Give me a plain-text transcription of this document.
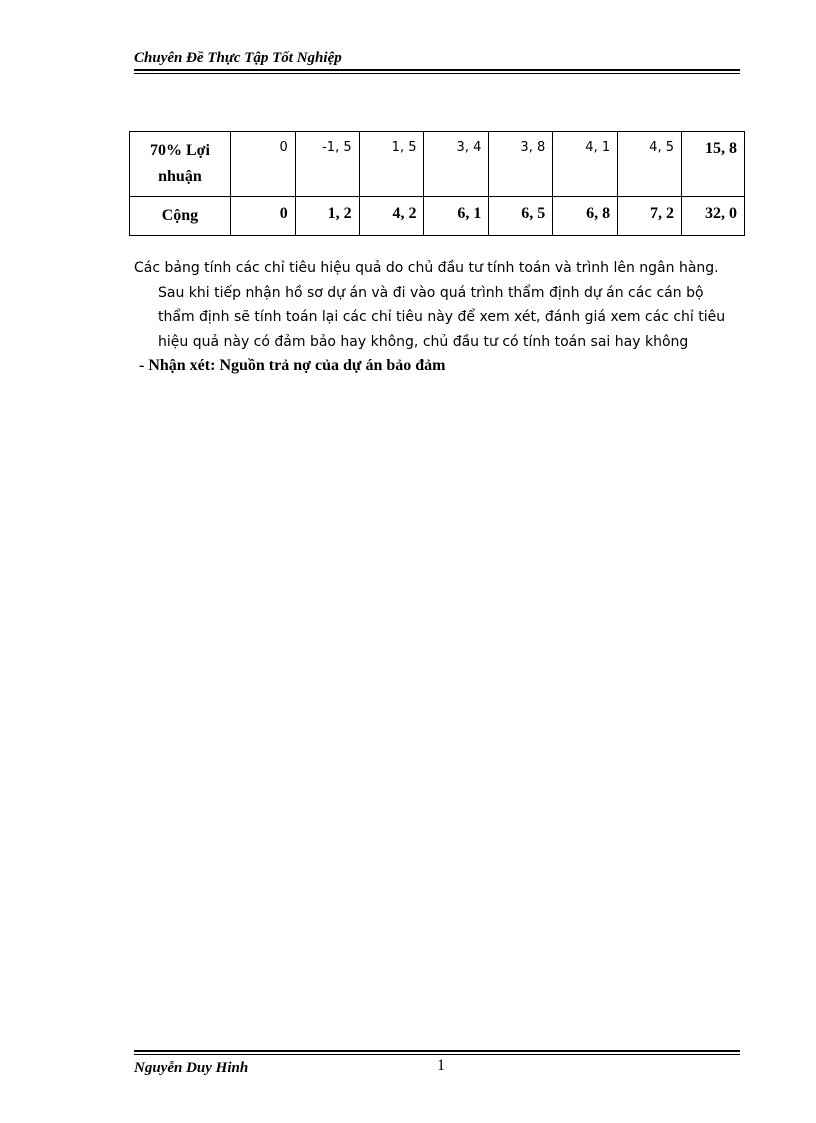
Chuyên Đề Thực Tập Tốt Nghiệp
70% Lợi nhuận	0	-1, 5	1, 5	3, 4	3, 8	4, 1	4, 5	15, 8
Cộng	0	1, 2	4, 2	6, 1	6, 5	6, 8	7, 2	32, 0

Các bảng tính các chỉ tiêu hiệu quả do chủ đầu tư tính toán và trình lên ngân hàng.

Sau khi tiếp nhận hồ sơ dự án và đi vào quá trình thẩm định dự án các cán bộ

thẩm định sẽ tính toán lại các chỉ tiêu này để xem xét, đánh giá xem các chỉ tiêu

hiệu quả này có đảm bảo hay không, chủ đầu tư có tính toán sai hay không

- Nhận xét: Nguồn trả nợ của dự án bảo đảm

Nguyễn Duy Hinh	1
